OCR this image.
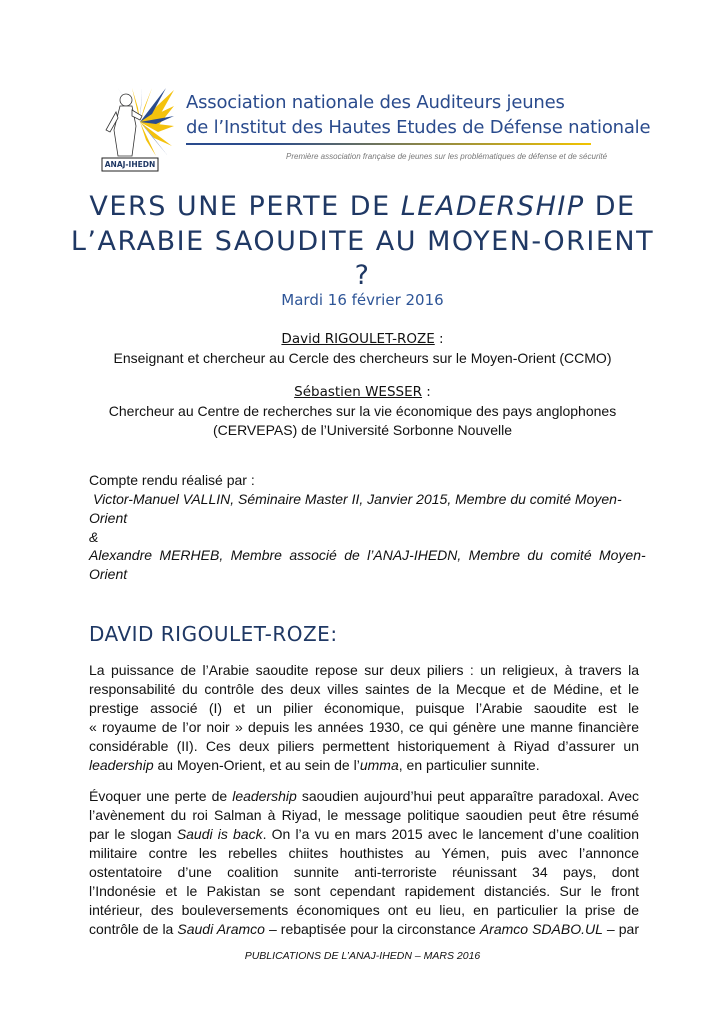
ANAJ-IHEDN
Association nationale des Auditeurs jeunes
de l’Institut des Hautes Etudes de Défense nationale
Première association française de jeunes sur les problématiques de défense et de sécurité
VERS UNE PERTE DE LEADERSHIP DE
L’ARABIE SAOUDITE AU MOYEN-ORIENT
?
Mardi 16 février 2016
David RIGOULET-ROZE :
Enseignant et chercheur au Cercle des chercheurs sur le Moyen-Orient (CCMO)
Sébastien WESSER :
Chercheur au Centre de recherches sur la vie économique des pays anglophones
(CERVEPAS) de l’Université Sorbonne Nouvelle
Compte rendu réalisé par :
Victor-Manuel VALLIN, Séminaire Master II, Janvier 2015, Membre du comité Moyen-
Orient
&
Alexandre MERHEB, Membre associé de l’ANAJ-IHEDN, Membre du comité Moyen-
Orient
DAVID RIGOULET-ROZE:
La puissance de l’Arabie saoudite repose sur deux piliers : un religieux, à travers la
responsabilité du contrôle des deux villes saintes de la Mecque et de Médine, et le
prestige associé (I) et un pilier économique, puisque l’Arabie saoudite est le
« royaume de l’or noir » depuis les années 1930, ce qui génère une manne financière
considérable (II). Ces deux piliers permettent historiquement à Riyad d’assurer un
leadership au Moyen-Orient, et au sein de l’umma, en particulier sunnite.
Évoquer une perte de leadership saoudien aujourd’hui peut apparaître paradoxal. Avec
l’avènement du roi Salman à Riyad, le message politique saoudien peut être résumé
par le slogan Saudi is back. On l’a vu en mars 2015 avec le lancement d’une coalition
militaire contre les rebelles chiites houthistes au Yémen, puis avec l’annonce
ostentatoire d’une coalition sunnite anti-terroriste réunissant 34 pays, dont
l’Indonésie et le Pakistan se sont cependant rapidement distanciés. Sur le front
intérieur, des bouleversements économiques ont eu lieu, en particulier la prise de
contrôle de la Saudi Aramco – rebaptisée pour la circonstance Aramco SDABO.UL – par
PUBLICATIONS DE L’ANAJ-IHEDN – MARS 2016
